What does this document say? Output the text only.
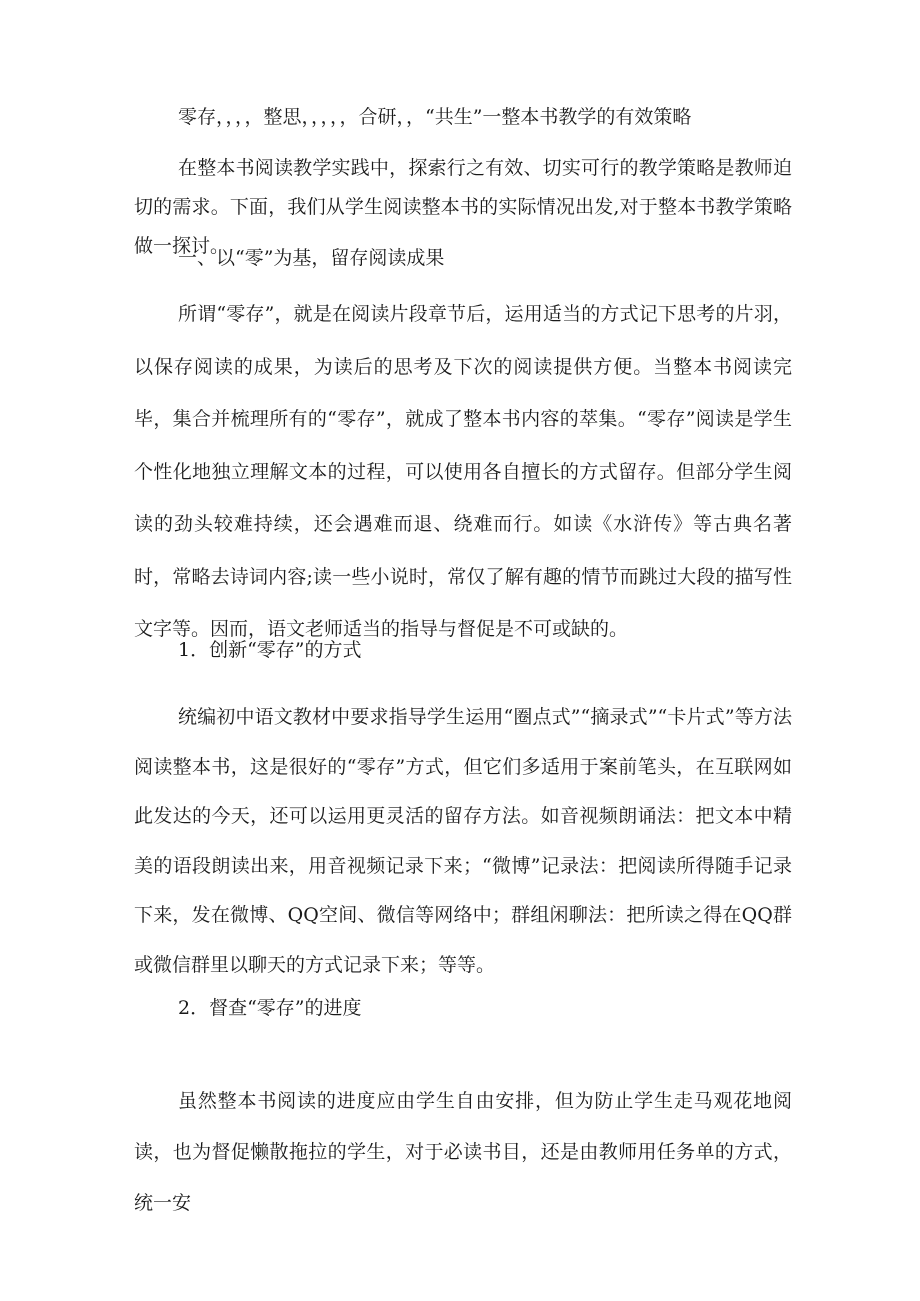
零存，，，，整思，，，，，合研，，“共生”一整本书教学的有效策略
在整本书阅读教学实践中，探索行之有效、切实可行的教学策略是教师迫切的需求。下面，我们从学生阅读整本书的实际情况出发,对于整本书教学策略做一探讨。
一、以“零”为基，留存阅读成果
所谓“零存”，就是在阅读片段章节后，运用适当的方式记下思考的片羽，以保存阅读的成果，为读后的思考及下次的阅读提供方便。当整本书阅读完毕，集合并梳理所有的“零存”，就成了整本书内容的萃集。“零存”阅读是学生个性化地独立理解文本的过程，可以使用各自擅长的方式留存。但部分学生阅读的劲头较难持续，还会遇难而退、绕难而行。如读《水浒传》等古典名著时，常略去诗词内容;读一些小说时，常仅了解有趣的情节而跳过大段的描写性文字等。因而，语文老师适当的指导与督促是不可或缺的。
1．创新“零存”的方式
统编初中语文教材中要求指导学生运用“圈点式”“摘录式”“卡片式”等方法阅读整本书，这是很好的“零存”方式，但它们多适用于案前笔头，在互联网如此发达的今天，还可以运用更灵活的留存方法。如音视频朗诵法：把文本中精美的语段朗读出来，用音视频记录下来；“微博”记录法：把阅读所得随手记录下来，发在微博、QQ空间、微信等网络中；群组闲聊法：把所读之得在QQ群或微信群里以聊天的方式记录下来；等等。
2．督查“零存”的进度
虽然整本书阅读的进度应由学生自由安排，但为防止学生走马观花地阅读，也为督促懒散拖拉的学生，对于必读书目，还是由教师用任务单的方式，统一安
